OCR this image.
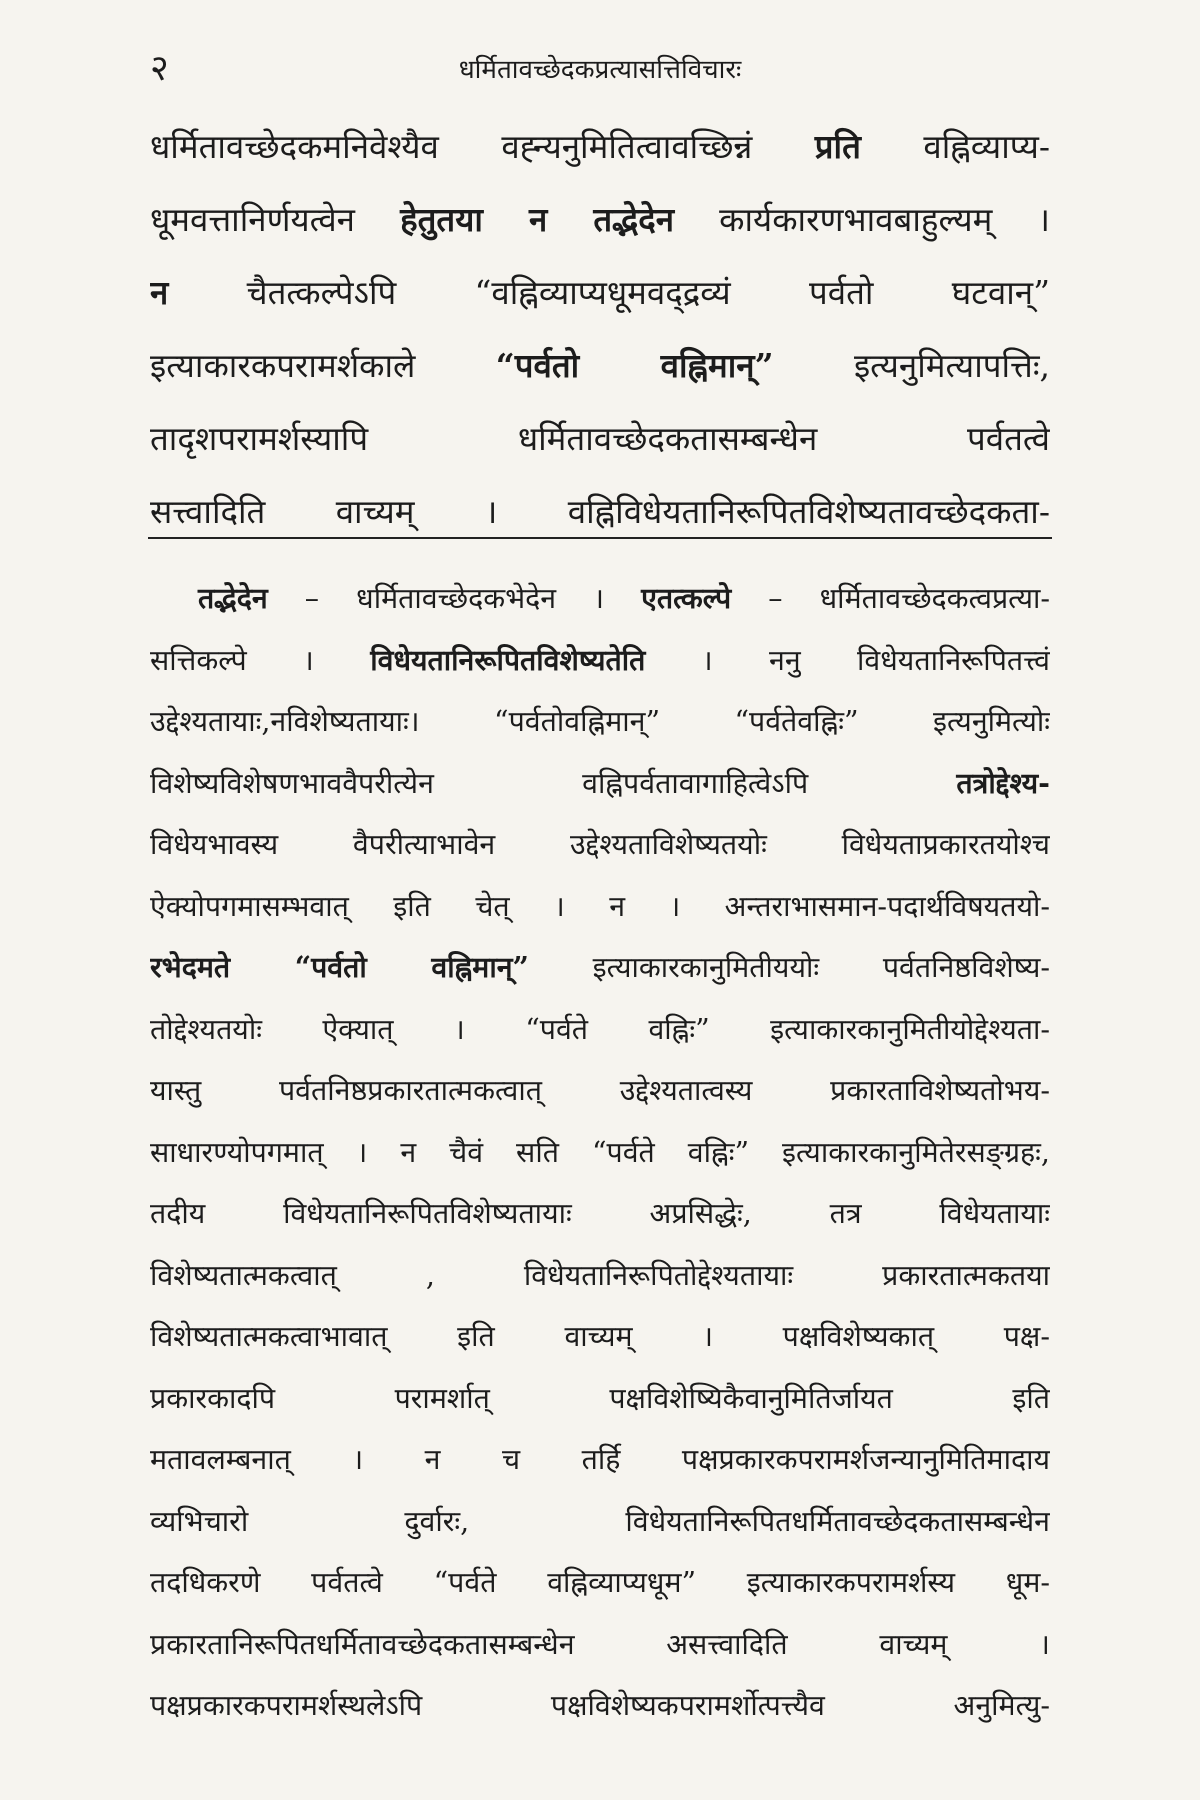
२	धर्मितावच्छेदकप्रत्यासत्तिविचारः
धर्मितावच्छेदकमनिवेश्यैव वह्न्यनुमितित्वावच्छिन्नं प्रति वह्निव्याप्य-
धूमवत्तानिर्णयत्वेन हेतुतया न तद्भेदेन कार्यकारणभावबाहुल्यम् ।
न चैतत्कल्पेऽपि “वह्निव्याप्यधूमवद्द्रव्यं पर्वतो घटवान्”
इत्याकारकपरामर्शकाले “पर्वतो वह्निमान्” इत्यनुमित्यापत्तिः,
तादृशपरामर्शस्यापि धर्मितावच्छेदकतासम्बन्धेन पर्वतत्वे
सत्त्वादिति वाच्यम् । वह्निविधेयतानिरूपितविशेष्यतावच्छेदकता-
तद्भेदेन – धर्मितावच्छेदकभेदेन । एतत्कल्पे – धर्मितावच्छेदकत्वप्रत्या-
सत्तिकल्पे । विधेयतानिरूपितविशेष्यतेति । ननु विधेयतानिरूपितत्त्वं
उद्देश्यतायाः,नविशेष्यतायाः। “पर्वतोवह्निमान्” “पर्वतेवह्निः” इत्यनुमित्योः
विशेष्यविशेषणभाववैपरीत्येन वह्निपर्वतावागाहित्वेऽपि तत्रोद्देश्य-
विधेयभावस्य वैपरीत्याभावेन उद्देश्यताविशेष्यतयोः विधेयताप्रकारतयोश्च
ऐक्योपगमासम्भवात् इति चेत् । न । अन्तराभासमान-पदार्थविषयतयो-
रभेदमते “पर्वतो वह्निमान्” इत्याकारकानुमितीययोः पर्वतनिष्ठविशेष्य-
तोद्देश्यतयोः ऐक्यात् । “पर्वते वह्निः” इत्याकारकानुमितीयोद्देश्यता-
यास्तु पर्वतनिष्ठप्रकारतात्मकत्वात् उद्देश्यतात्वस्य प्रकारताविशेष्यतोभय-
साधारण्योपगमात् । न चैवं सति “पर्वते वह्निः” इत्याकारकानुमितेरसङ्ग्रहः,
तदीय विधेयतानिरूपितविशेष्यतायाः अप्रसिद्धेः, तत्र विधेयतायाः
विशेष्यतात्मकत्वात् , विधेयतानिरूपितोद्देश्यतायाः प्रकारतात्मकतया
विशेष्यतात्मकत्वाभावात् इति वाच्यम् । पक्षविशेष्यकात् पक्ष-
प्रकारकादपि परामर्शात् पक्षविशेष्यिकैवानुमितिर्जायत इति
मतावलम्बनात् । न च तर्हि पक्षप्रकारकपरामर्शजन्यानुमितिमादाय
व्यभिचारो दुर्वारः, विधेयतानिरूपितधर्मितावच्छेदकतासम्बन्धेन
तदधिकरणे पर्वतत्वे “पर्वते वह्निव्याप्यधूम” इत्याकारकपरामर्शस्य धूम-
प्रकारतानिरूपितधर्मितावच्छेदकतासम्बन्धेन असत्त्वादिति वाच्यम् ।
पक्षप्रकारकपरामर्शस्थलेऽपि पक्षविशेष्यकपरामर्शोत्पत्त्यैव अनुमित्यु-
